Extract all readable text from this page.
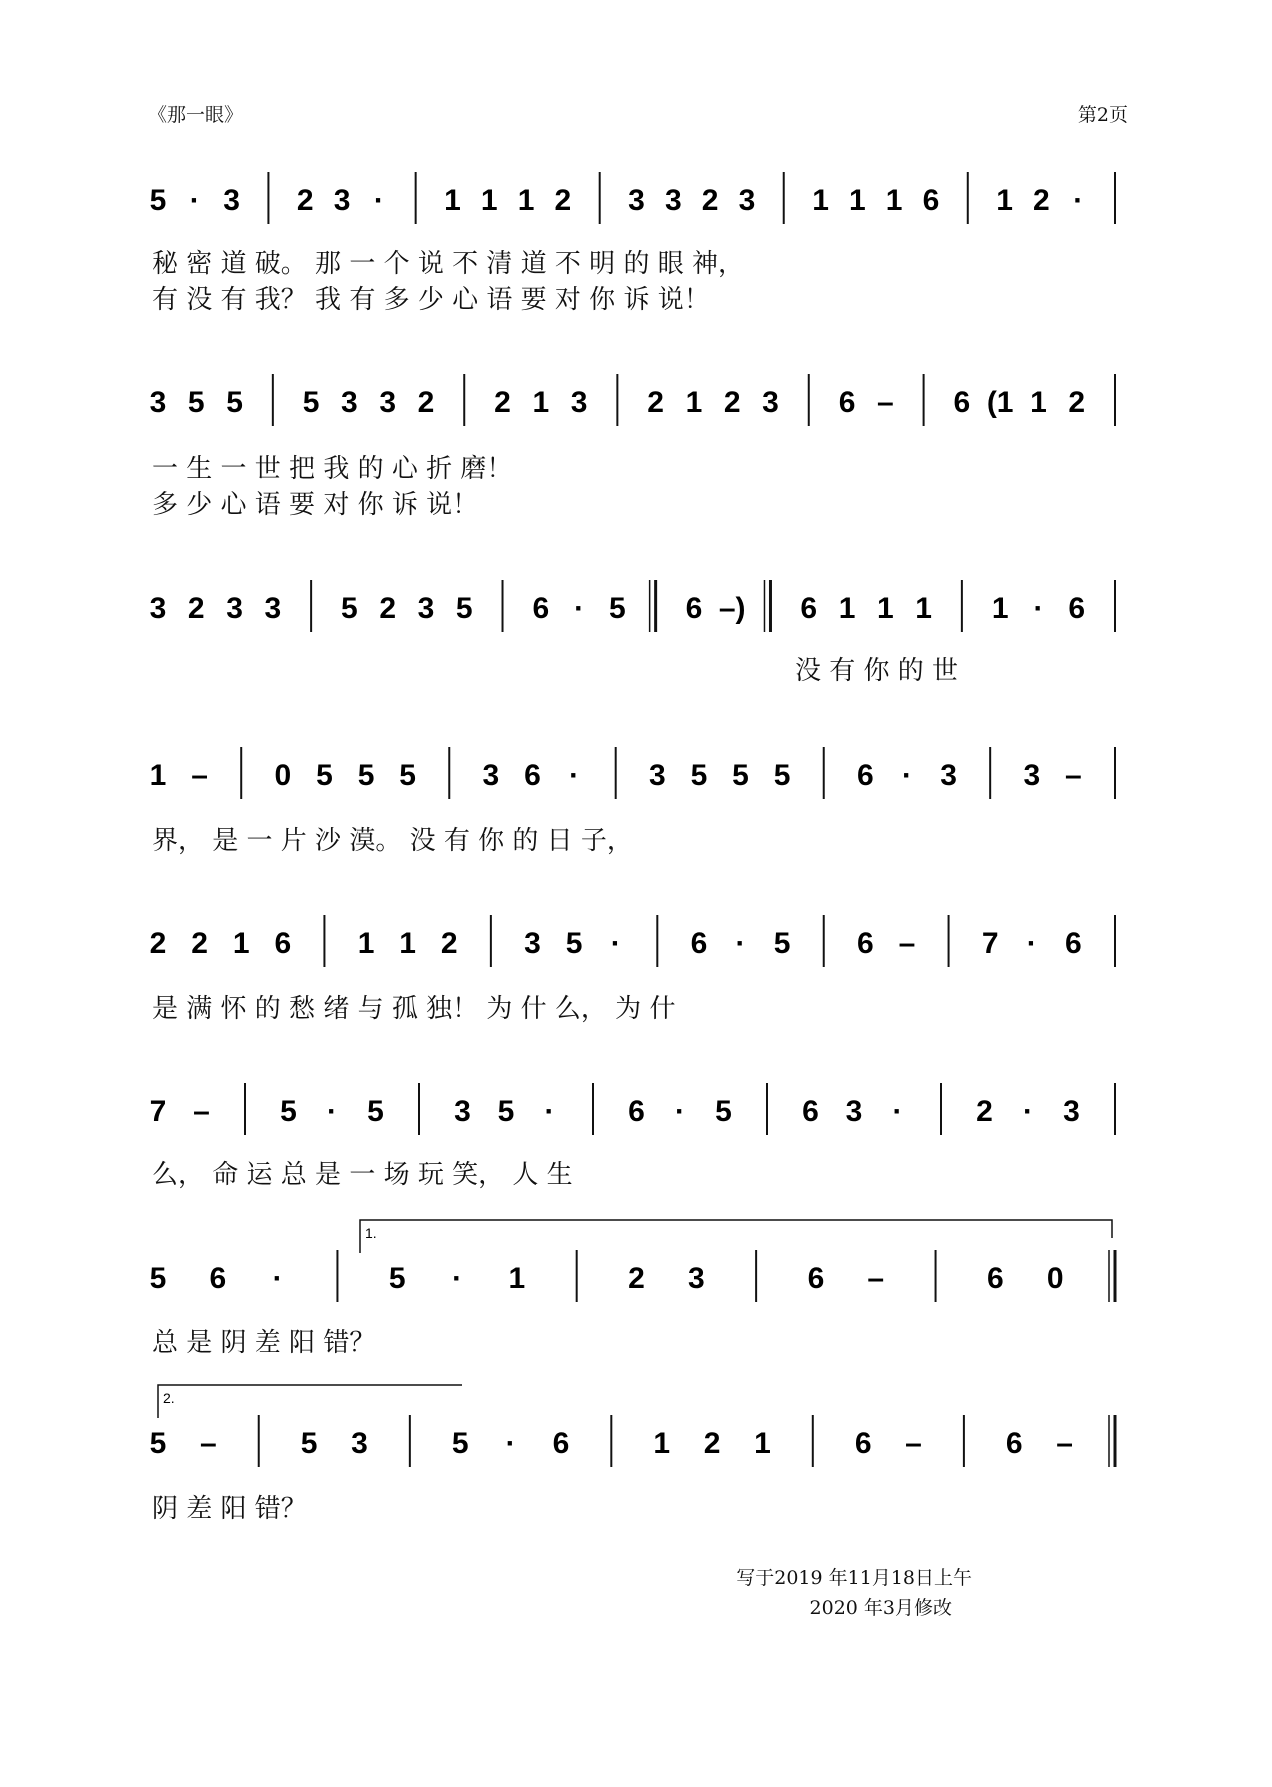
《那一眼》	第2页
5 · 3 2 3 · 1 1 1 2 3 3 2 3 1 1 1 6 1 2 ·
3 5 5 5 3 3 2 2 1 3 2 1 2 3 6 – 6 (1 1 2
3 2 3 3 5 2 3 5 6 · 5 6 –) 6 1 1 1 1 · 6
1 – 0 5 5 5 3 6 · 3 5 5 5 6 · 3 3 –
2 2 1 6 1 1 2 3 5 · 6 · 5 6 – 7 · 6
7 – 5 · 5 3 5 · 6 · 5 6 3 · 2 · 3
1.
5 6 ·	5 · 1	2 3	6 –	6 0
2.
5 –	5 3	5 · 6	1 2 1	6 –	6 –
秘 密 道 破。 那 一 个 说 不 清 道 不 明 的 眼 神，
有 没 有 我？ 我 有 多 少 心 语 要 对 你 诉 说！
一 生 一 世 把 我 的 心 折 磨！
多 少 心 语 要 对 你 诉 说！
没 有 你 的 世
界， 是 一 片 沙 漠。 没 有 你 的 日 子，
是 满 怀 的 愁 绪 与 孤 独！ 为 什 么， 为 什
么， 命 运 总 是 一 场 玩 笑， 人 生
总 是 阴 差 阳 错？
阴 差 阳 错？
写于2019 年11月18日上午
2020 年3月修改
